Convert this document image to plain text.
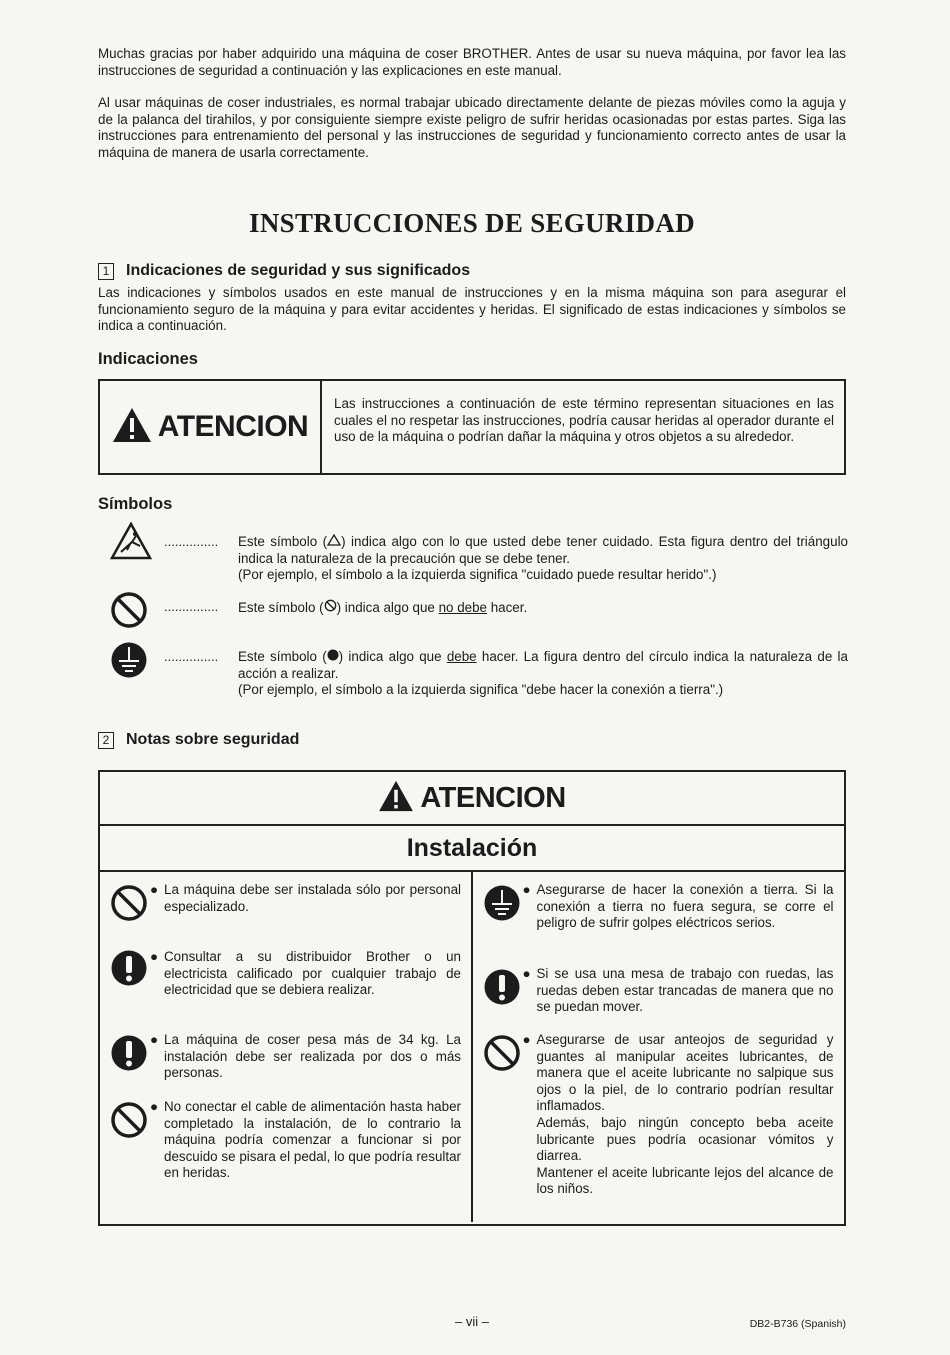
Muchas gracias por haber adquirido una máquina de coser BROTHER. Antes de usar su nueva máquina, por favor lea las instrucciones de seguridad a continuación y las explicaciones en este manual.

Al usar máquinas de coser industriales, es normal trabajar ubicado directamente delante de piezas móviles como la aguja y de la palanca del tirahilos, y por consiguiente siempre existe peligro de sufrir heridas ocasionadas por estas partes. Siga las instrucciones para entrenamiento del personal y las instrucciones de seguridad y funcionamiento correcto antes de usar la máquina de manera de usarla correctamente.

INSTRUCCIONES DE SEGURIDAD
1 Indicaciones de seguridad y sus significados

Las indicaciones y símbolos usados en este manual de instrucciones y en la misma máquina son para asegurar el funcionamiento seguro de la máquina y para evitar accidentes y heridas. El significado de estas indicaciones y símbolos se indica a continuación.

Indicaciones
ATENCION
Las instrucciones a continuación de este término representan situaciones en las cuales el no respetar las instrucciones, podría causar heridas al operador durante el uso de la máquina o podrían dañar la máquina y otros objetos a su alrededor.
Símbolos
............... Este símbolo ( ) indica algo con lo que usted debe tener cuidado. Esta figura dentro del triángulo indica la naturaleza de la precaución que se debe tener.
(Por ejemplo, el símbolo a la izquierda significa "cuidado puede resultar herido".)
............... Este símbolo ( ) indica algo que no debe hacer.
............... Este símbolo ( ) indica algo que debe hacer. La figura dentro del círculo indica la naturaleza de la acción a realizar.
(Por ejemplo, el símbolo a la izquierda significa "debe hacer la conexión a tierra".)
2 Notas sobre seguridad
ATENCION
Instalación
● La máquina debe ser instalada sólo por personal especializado.
● Consultar a su distribuidor Brother o un electricista calificado por cualquier trabajo de electricidad que se debiera realizar.
● La máquina de coser pesa más de 34 kg. La instalación debe ser realizada por dos o más personas.
● No conectar el cable de alimentación hasta haber completado la instalación, de lo contrario la máquina podría comenzar a funcionar si por descuido se pisara el pedal, lo que podría resultar en heridas.
● Asegurarse de hacer la conexión a tierra. Si la conexión a tierra no fuera segura, se corre el peligro de sufrir golpes eléctricos serios.
● Si se usa una mesa de trabajo con ruedas, las ruedas deben estar trancadas de manera que no se puedan mover.
● Asegurarse de usar anteojos de seguridad y guantes al manipular aceites lubricantes, de manera que el aceite lubricante no salpique sus ojos o la piel, de lo contrario podrían resultar inflamados.
Además, bajo ningún concepto beba aceite lubricante pues podría ocasionar vómitos y diarrea.
Mantener el aceite lubricante lejos del alcance de los niños.
– vii –	DB2-B736 (Spanish)
